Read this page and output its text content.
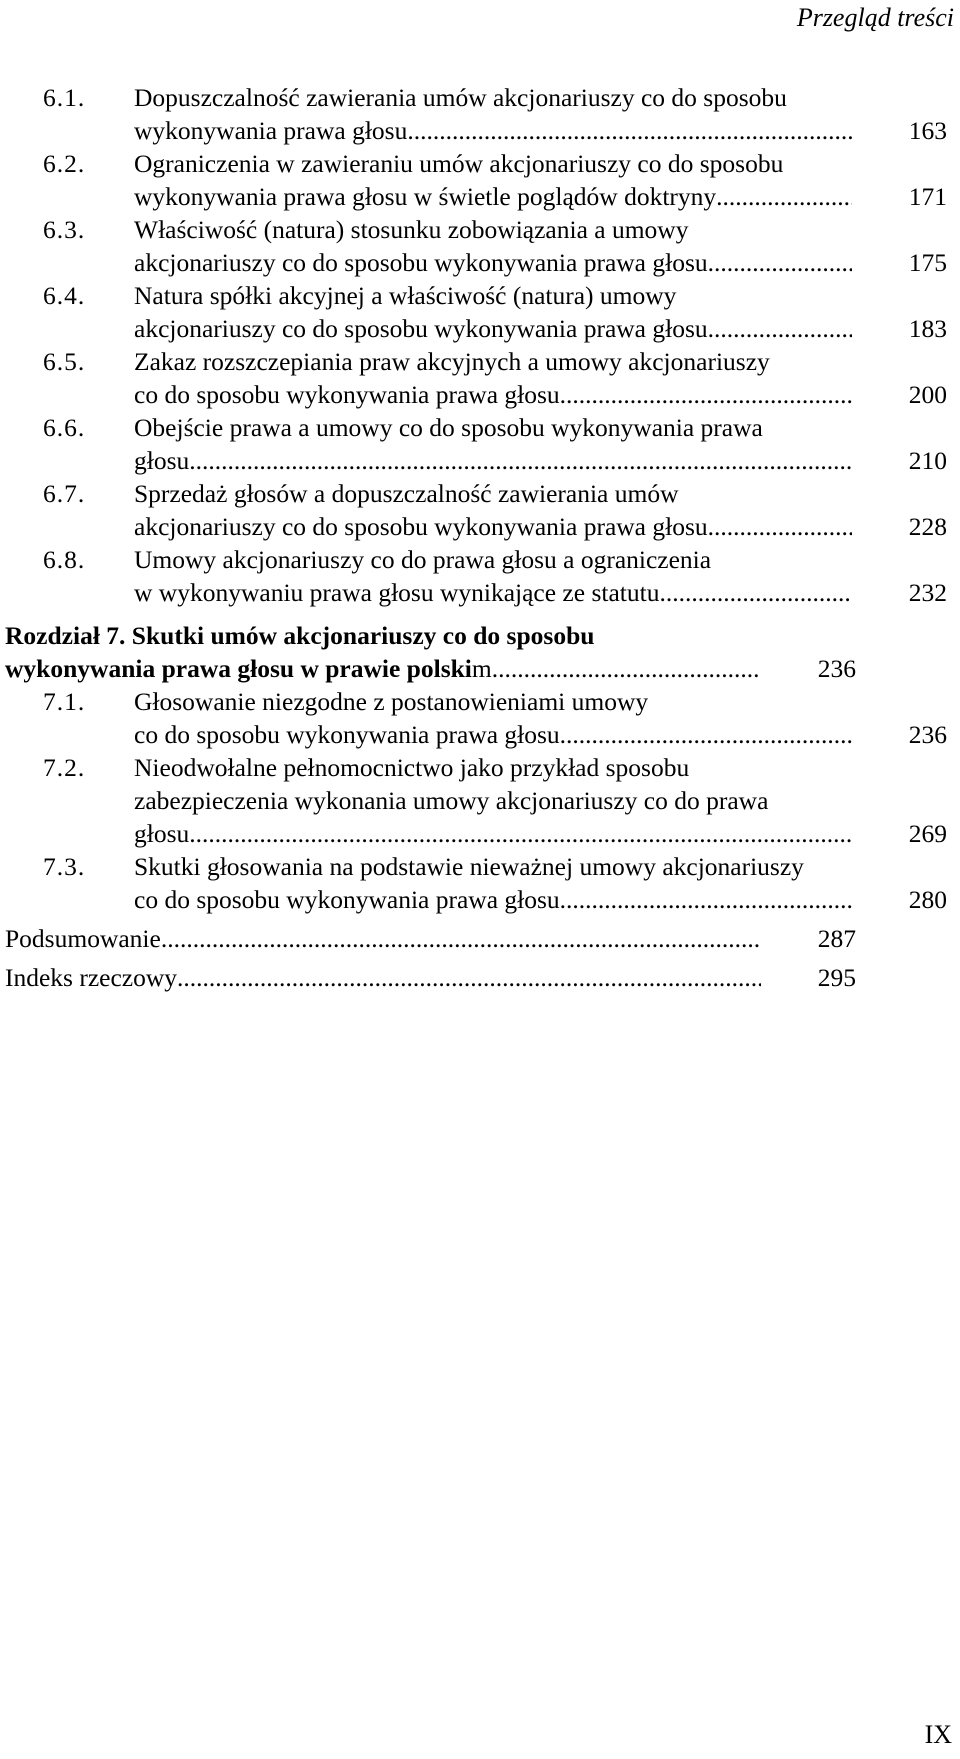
Przegląd treści
6.1.	Dopuszczalność zawierania umów akcjonariuszy co do sposobu
wykonywania prawa głosu .....	163
6.2.	Ograniczenia w zawieraniu umów akcjonariuszy co do sposobu
wykonywania prawa głosu w świetle poglądów doktryny .....	171
6.3.	Właściwość (natura) stosunku zobowiązania a umowy
akcjonariuszy co do sposobu wykonywania prawa głosu .....	175
6.4.	Natura spółki akcyjnej a właściwość (natura) umowy
akcjonariuszy co do sposobu wykonywania prawa głosu .....	183
6.5.	Zakaz rozszczepiania praw akcyjnych a umowy akcjonariuszy
co do sposobu wykonywania prawa głosu .....	200
6.6.	Obejście prawa a umowy co do sposobu wykonywania prawa
głosu .....	210
6.7.	Sprzedaż głosów a dopuszczalność zawierania umów
akcjonariuszy co do sposobu wykonywania prawa głosu .....	228
6.8.	Umowy akcjonariuszy co do prawa głosu a ograniczenia
w wykonywaniu prawa głosu wynikające ze statutu .....	232
Rozdział 7. Skutki umów akcjonariuszy co do sposobu
wykonywania prawa głosu w prawie polskim .....	236
7.1.	Głosowanie niezgodne z postanowieniami umowy
co do sposobu wykonywania prawa głosu .....	236
7.2.	Nieodwołalne pełnomocnictwo jako przykład sposobu
zabezpieczenia wykonania umowy akcjonariuszy co do prawa
głosu .....	269
7.3.	Skutki głosowania na podstawie nieważnej umowy akcjonariuszy
co do sposobu wykonywania prawa głosu .....	280
Podsumowanie .....	287
Indeks rzeczowy .....	295
IX
